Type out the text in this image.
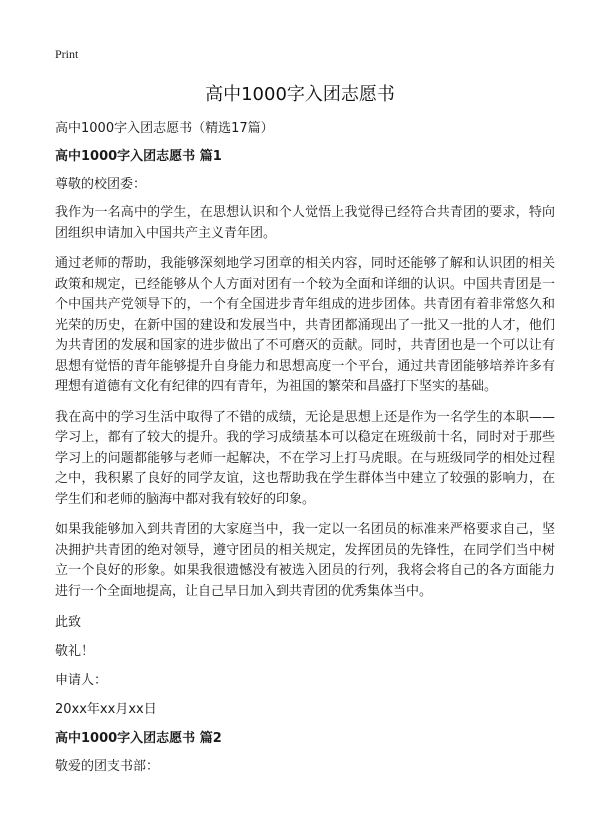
Print
高中1000字入团志愿书

高中1000字入团志愿书（精选17篇）

高中1000字入团志愿书 篇1

尊敬的校团委：

我作为一名高中的学生，在思想认识和个人觉悟上我觉得已经符合共青团的要求，特向团组织申请加入中国共产主义青年团。

通过老师的帮助，我能够深刻地学习团章的相关内容，同时还能够了解和认识团的相关政策和规定，已经能够从个人方面对团有一个较为全面和详细的认识。中国共青团是一个中国共产党领导下的，一个有全国进步青年组成的进步团体。共青团有着非常悠久和光荣的历史，在新中国的建设和发展当中，共青团都涌现出了一批又一批的人才，他们为共青团的发展和国家的进步做出了不可磨灭的贡献。同时，共青团也是一个可以让有思想有觉悟的青年能够提升自身能力和思想高度一个平台，通过共青团能够培养许多有理想有道德有文化有纪律的四有青年，为祖国的繁荣和昌盛打下坚实的基础。

我在高中的学习生活中取得了不错的成绩，无论是思想上还是作为一名学生的本职——学习上，都有了较大的提升。我的学习成绩基本可以稳定在班级前十名，同时对于那些学习上的问题都能够与老师一起解决，不在学习上打马虎眼。在与班级同学的相处过程之中，我积累了良好的同学友谊，这也帮助我在学生群体当中建立了较强的影响力，在学生们和老师的脑海中都对我有较好的印象。

如果我能够加入到共青团的大家庭当中，我一定以一名团员的标准来严格要求自己，坚决拥护共青团的绝对领导，遵守团员的相关规定，发挥团员的先锋性，在同学们当中树立一个良好的形象。如果我很遗憾没有被选入团员的行列，我将会将自己的各方面能力进行一个全面地提高，让自己早日加入到共青团的优秀集体当中。

此致

敬礼！

申请人：

20xx年xx月xx日

高中1000字入团志愿书 篇2

敬爱的团支书部：
